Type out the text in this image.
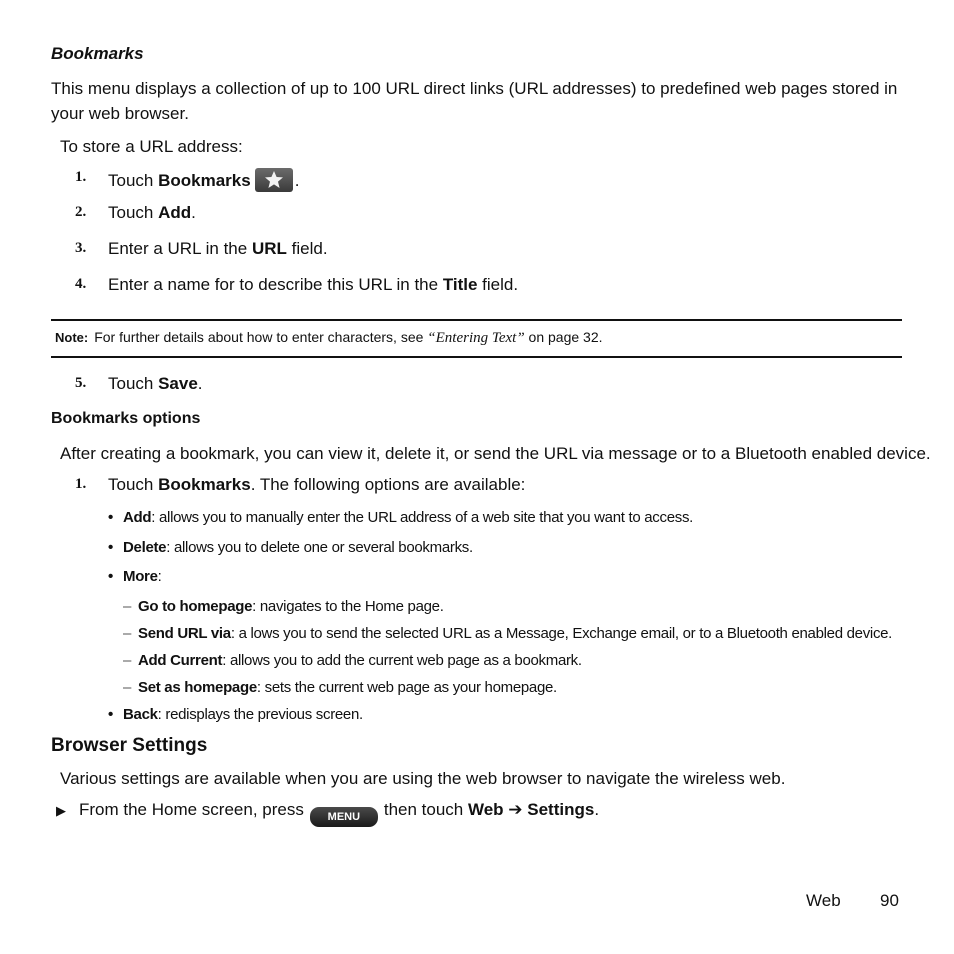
Bookmarks
This menu displays a collection of up to 100 URL direct links (URL addresses) to predefined web pages stored in your web browser.
To store a URL address:
1. Touch Bookmarks	.
2. Touch Add.
3. Enter a URL in the URL field.
4. Enter a name for to describe this URL in the Title field.
Note: For further details about how to enter characters, see “Entering Text” on page 32.
5. Touch Save.
Bookmarks options
After creating a bookmark, you can view it, delete it, or send the URL via message or to a Bluetooth enabled device.
1. Touch Bookmarks. The following options are available:
• Add: allows you to manually enter the URL address of a web site that you want to access.
• Delete: allows you to delete one or several bookmarks.
• More:
– Go to homepage: navigates to the Home page.
– Send URL via: a lows you to send the selected URL as a Message, Exchange email, or to a Bluetooth enabled device.
– Add Current: allows you to add the current web page as a bookmark.
– Set as homepage: sets the current web page as your homepage.
• Back: redisplays the previous screen.
Browser Settings
Various settings are available when you are using the web browser to navigate the wireless web.
▶ From the Home screen, press MENU then touch Web ➔ Settings.
Web 90
